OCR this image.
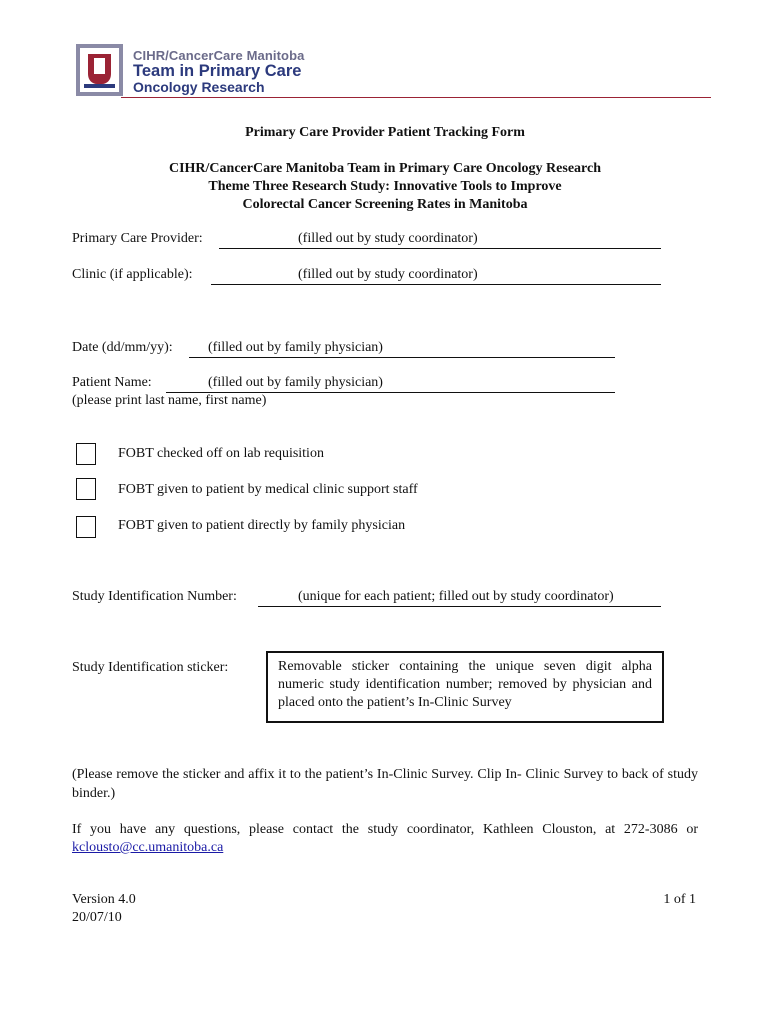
CIHR/CancerCare Manitoba
Team in Primary Care
Oncology Research
Primary Care Provider Patient Tracking Form
CIHR/CancerCare Manitoba Team in Primary Care Oncology Research
Theme Three Research Study: Innovative Tools to Improve
Colorectal Cancer Screening Rates in Manitoba
Primary Care Provider:	(filled out by study coordinator)
Clinic (if applicable):	(filled out by study coordinator)
Date (dd/mm/yy):	(filled out by family physician)
Patient Name:	(filled out by family physician)
(please print last name, first name)
FOBT checked off on lab requisition
FOBT given to patient by medical clinic support staff
FOBT given to patient directly by family physician
Study Identification Number:	(unique for each patient; filled out by study coordinator)
Study Identification sticker:	Removable sticker containing the unique seven digit alpha numeric study identification number; removed by physician and placed onto the patient’s In-Clinic Survey
(Please remove the sticker and affix it to the patient’s In-Clinic Survey. Clip In- Clinic Survey to back of study binder.)
If you have any questions, please contact the study coordinator, Kathleen Clouston, at 272-3086 or
kclousto@cc.umanitoba.ca
Version 4.0
20/07/10
1 of 1
